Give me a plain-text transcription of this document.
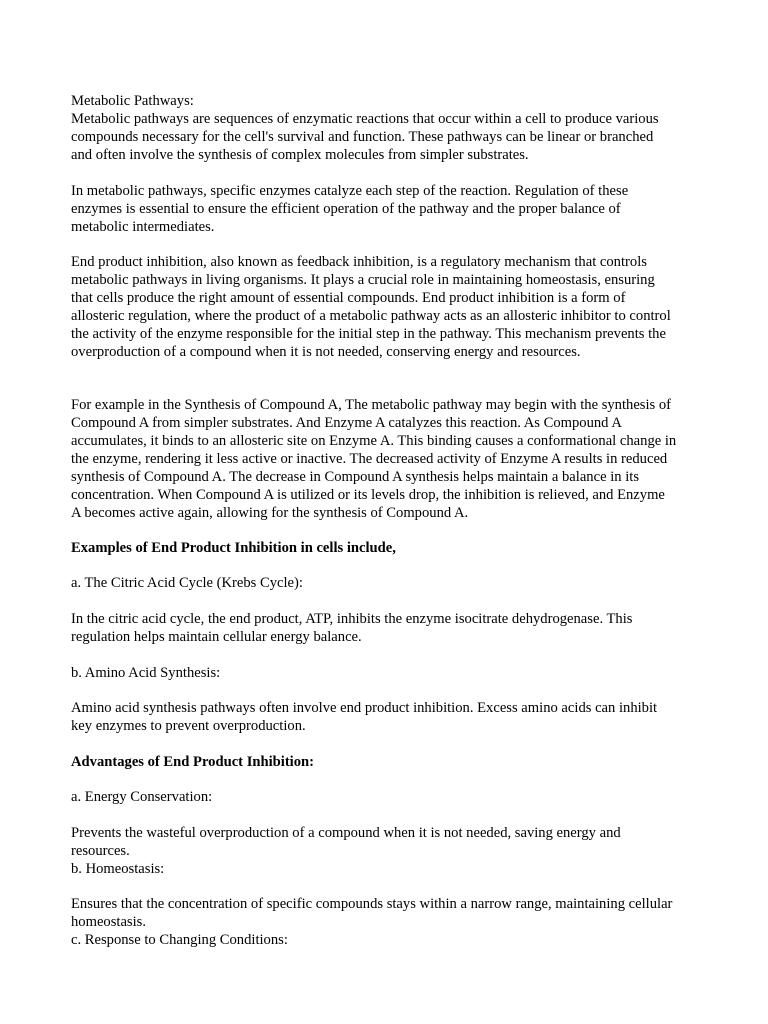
Metabolic Pathways:
Metabolic pathways are sequences of enzymatic reactions that occur within a cell to produce various
compounds necessary for the cell's survival and function. These pathways can be linear or branched
and often involve the synthesis of complex molecules from simpler substrates.
In metabolic pathways, specific enzymes catalyze each step of the reaction. Regulation of these
enzymes is essential to ensure the efficient operation of the pathway and the proper balance of
metabolic intermediates.
End product inhibition, also known as feedback inhibition, is a regulatory mechanism that controls
metabolic pathways in living organisms. It plays a crucial role in maintaining homeostasis, ensuring
that cells produce the right amount of essential compounds. End product inhibition is a form of
allosteric regulation, where the product of a metabolic pathway acts as an allosteric inhibitor to control
the activity of the enzyme responsible for the initial step in the pathway. This mechanism prevents the
overproduction of a compound when it is not needed, conserving energy and resources.
For example in the Synthesis of Compound A, The metabolic pathway may begin with the synthesis of
Compound A from simpler substrates. And Enzyme A catalyzes this reaction. As Compound A
accumulates, it binds to an allosteric site on Enzyme A. This binding causes a conformational change in
the enzyme, rendering it less active or inactive. The decreased activity of Enzyme A results in reduced
synthesis of Compound A. The decrease in Compound A synthesis helps maintain a balance in its
concentration. When Compound A is utilized or its levels drop, the inhibition is relieved, and Enzyme
A becomes active again, allowing for the synthesis of Compound A.
Examples of End Product Inhibition in cells include,
a. The Citric Acid Cycle (Krebs Cycle):
In the citric acid cycle, the end product, ATP, inhibits the enzyme isocitrate dehydrogenase. This
regulation helps maintain cellular energy balance.
b. Amino Acid Synthesis:
Amino acid synthesis pathways often involve end product inhibition. Excess amino acids can inhibit
key enzymes to prevent overproduction.
Advantages of End Product Inhibition:
a. Energy Conservation:
Prevents the wasteful overproduction of a compound when it is not needed, saving energy and
resources.
b. Homeostasis:
Ensures that the concentration of specific compounds stays within a narrow range, maintaining cellular
homeostasis.
c. Response to Changing Conditions:
